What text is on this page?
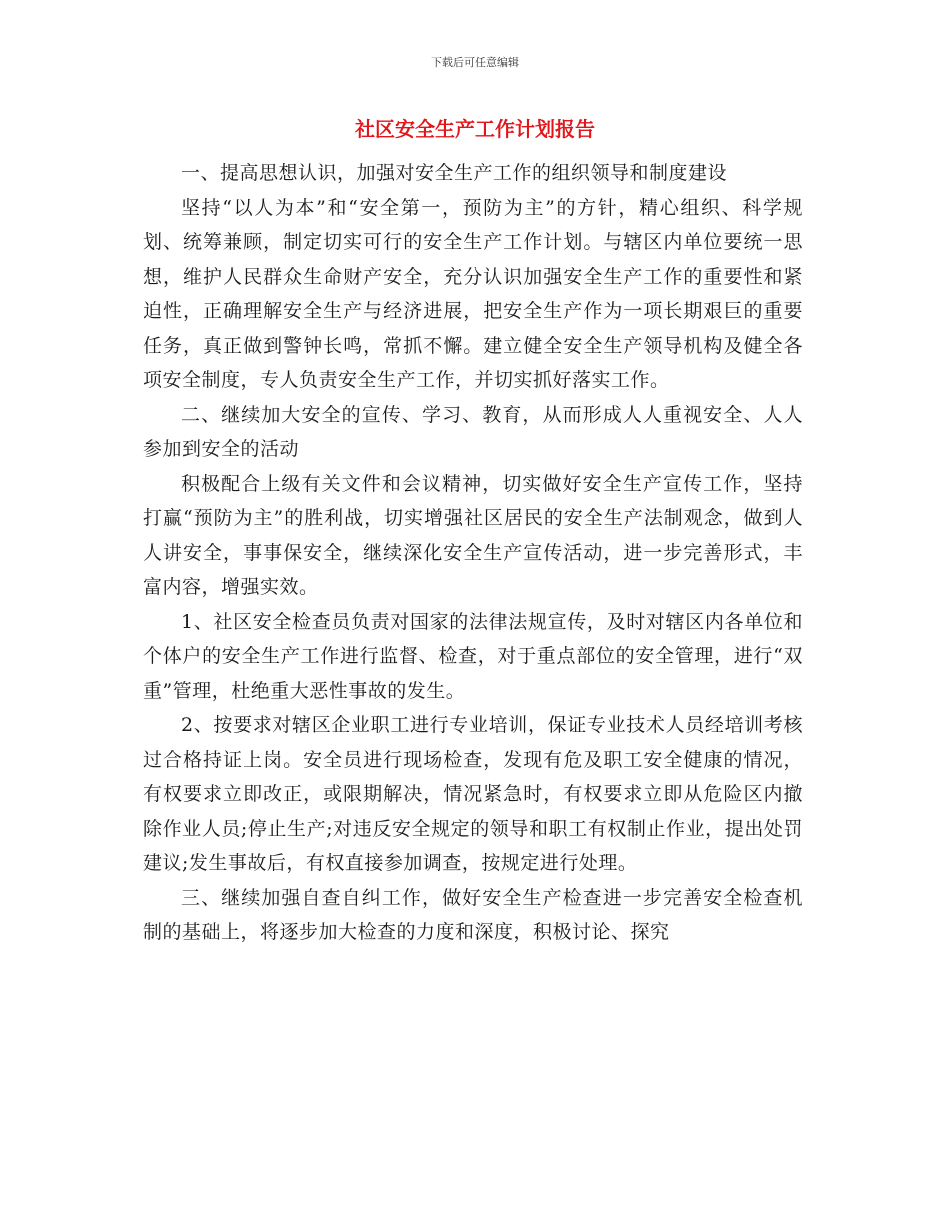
下载后可任意编辑
社区安全生产工作计划报告

一、提高思想认识，加强对安全生产工作的组织领导和制度建设

坚持“以人为本”和“安全第一，预防为主”的方针，精心组织、科学规划、统筹兼顾，制定切实可行的安全生产工作计划。与辖区内单位要统一思想，维护人民群众生命财产安全，充分认识加强安全生产工作的重要性和紧迫性，正确理解安全生产与经济进展，把安全生产作为一项长期艰巨的重要任务，真正做到警钟长鸣，常抓不懈。建立健全安全生产领导机构及健全各项安全制度，专人负责安全生产工作，并切实抓好落实工作。

二、继续加大安全的宣传、学习、教育，从而形成人人重视安全、人人参加到安全的活动

积极配合上级有关文件和会议精神，切实做好安全生产宣传工作，坚持打赢“预防为主”的胜利战，切实增强社区居民的安全生产法制观念，做到人人讲安全，事事保安全，继续深化安全生产宣传活动，进一步完善形式，丰富内容，增强实效。

1、社区安全检查员负责对国家的法律法规宣传，及时对辖区内各单位和个体户的安全生产工作进行监督、检查，对于重点部位的安全管理，进行“双重”管理，杜绝重大恶性事故的发生。

2、按要求对辖区企业职工进行专业培训，保证专业技术人员经培训考核过合格持证上岗。安全员进行现场检查，发现有危及职工安全健康的情况，有权要求立即改正，或限期解决，情况紧急时，有权要求立即从危险区内撤除作业人员;停止生产;对违反安全规定的领导和职工有权制止作业，提出处罚建议;发生事故后，有权直接参加调查，按规定进行处理。

三、继续加强自查自纠工作，做好安全生产检查进一步完善安全检查机制的基础上，将逐步加大检查的力度和深度，积极讨论、探究
